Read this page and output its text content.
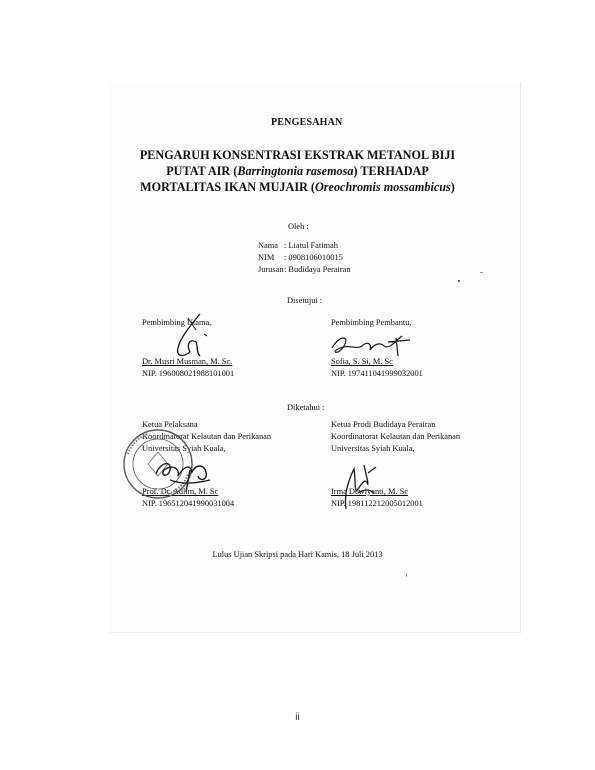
PENGESAHAN
PENGARUH KONSENTRASI EKSTRAK METANOL BIJI
PUTAT AIR (Barringtonia rasemosa) TERHADAP
MORTALITAS IKAN MUJAIR (Oreochromis mossambicus)
Oleh :
Nama : Liatul Fatimah
NIM : 0908106010015
Jurusan : Budidaya Perairan
Disetujui :
Pembimbing Utama,
Dr. Musri Musman, M. Sc.
NIP. 196008021988101001
Pembimbing Pembantu,
Sofia, S. Si, M. Sc
NIP. 197411041999032001
Diketahui :
Ketua Pelaksana
Koordinatorat Kelautan dan Perikanan
Universitas Syiah Kuala,
Prof. Dr. Adlim, M. Sc
NIP. 196512041990031004
Ketua Prodi Budidaya Perairan
Koordinatorat Kelautan dan Perikanan
Universitas Syiah Kuala,
Irma Dewiyanti, M. Sc
NIP. 198112212005012001
Lulus Ujian Skripsi pada Hari Kamis, 18 Juli 2013
ii
